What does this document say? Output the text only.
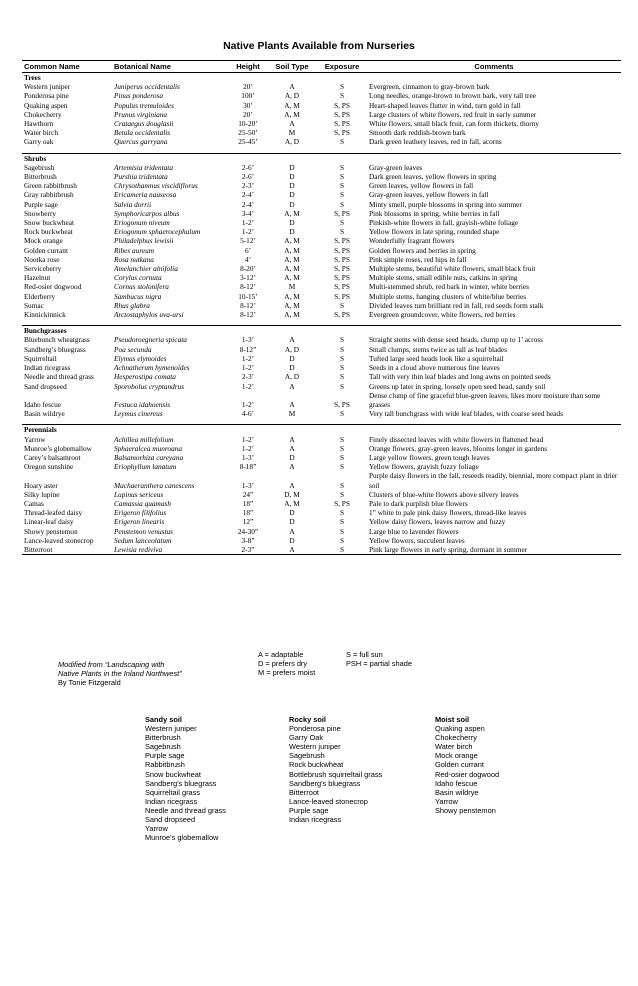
Native Plants Available from Nurseries
Common Name	Botanical Name	Height	Soil Type	Exposure	Comments
Trees					
Western juniper	Juniperus occidentalis	20’	A	S	Evergreen, cinnamon to gray-brown bark
Ponderosa pine	Pinus ponderosa	100’	A, D	S	Long needles, orange-brown to brown bark, very tall tree
Quaking aspen	Populus tremuloides	30’	A, M	S, PS	Heart-shaped leaves flutter in wind, turn gold in fall
Chokecherry	Prunus virginiana	20’	A, M	S, PS	Large clusters of white flowers, red fruit in early summer
Hawthorn	Crataegus douglasii	10-20’	A	S, PS	White flowers, small black fruit, can form thickets, thorny
Water birch	Betula occidentalis	25-50’	M	S, PS	Smooth dark reddish-brown bark
Garry oak	Quercus garryana	25-45’	A, D	S	Dark green leathery leaves, red in fall, acorns

Shrubs					
Sagebrush	Artemisia tridentata	2-6’	D	S	Gray-green leaves
Bitterbrush	Purshia tridentata	2-6’	D	S	Dark green leaves, yellow flowers in spring
Green rabbitbrush	Chrysothamnus viscidiflorus	2-3’	D	S	Green leaves, yellow flowers in fall
Gray rabbitbrush	Ericameria nauseosa	2-4’	D	S	Gray-green leaves, yellow flowers in fall
Purple sage	Salvia dorrii	2-4’	D	S	Minty smell, purple blossoms in spring into summer
Snowberry	Symphoricarpos albus	3-4’	A, M	S, PS	Pink blossoms in spring, white berries in fall
Snow buckwheat	Eriogonum niveum	1-2’	D	S	Pinkish-white flowers in fall, grayish-white foliage
Rock buckwheat	Eriogonum sphaerocephalum	1-2’	D	S	Yellow flowers in late spring, rounded shape
Mock orange	Philadelphus lewisii	5-12’	A, M	S, PS	Wonderfully fragrant flowers
Golden currant	Ribes aureum	6’	A, M	S, PS	Golden flowers and berries in spring
Nootka rose	Rosa nutkana	4’	A, M	S, PS	Pink simple roses, red hips in fall
Serviceberry	Amelanchier alnifolia	8-20’	A, M	S, PS	Multiple stems, beautiful white flowers, small black fruit
Hazelnut	Corylus cornuta	3-12’	A, M	S, PS	Multiple stems, small edible nuts, catkins in spring
Red-osier dogwood	Cornus stolonifera	8-12’	M	S, PS	Multi-stemmed shrub, red bark in winter, white berries
Elderberry	Sambucus nigra	10-15’	A, M	S, PS	Multiple stems, hanging clusters of white/blue berries
Sumac	Rhus glabra	8-12’	A, M	S	Divided leaves turn brilliant red in fall, red seeds form stalk
Kinnickinnick	Arctostaphylos uva-ursi	8-12’	A, M	S, PS	Evergreen groundcover, white flowers, red berries

Bunchgrasses					
Bluebunch wheatgrass	Pseudoroegneria spicata	1-3’	A	S	Straight stems with dense seed heads, clump up to 1’ across
Sandberg’s bluegrass	Poa secunda	8-12”	A, D	S	Small clumps, stems twice as tall as leaf blades
Squirreltail	Elymus elymoides	1-2’	D	S	Tufted large seed heads look like a squirreltail
Indian ricegrass	Achnatherum hymenoides	1-2’	D	S	Seeds in a cloud above numerous fine leaves
Needle and thread grass	Hesperostipa comata	2-3’	A, D	S	Tall with very thin leaf blades and long awns on pointed seeds
Sand dropseed	Sporobolus cryptandrus	1-2’	A	S	Greens up later in spring, loosely open seed head, sandy soil
Idaho fescue	Festuca idahoensis	1-2’	A	S, PS	Dense clump of fine graceful blue-green leaves, likes more moisture than some grasses
Basin wildrye	Leymus cinereus	4-6’	M	S	Very tall bunchgrass with wide leaf blades, with coarse seed heads

Perennials					
Yarrow	Achillea millefolium	1-2’	A	S	Finely dissected leaves with white flowers in flattened head
Munroe’s globemallow	Sphaeralcea munroana	1-2’	A	S	Orange flowers, gray-green leaves, blooms longer in gardens
Carey’s balsamroot	Balsamorhiza careyana	1-3’	D	S	Large yellow flowers, green tough leaves
Oregon sunshine	Eriophyllum lanatum	8-18”	A	S	Yellow flowers, grayish fuzzy foliage
Hoary aster	Machaeranthera canescens	1-3’	A	S	Purple daisy flowers in the fall, reseeds readily, biennial, more compact plant in drier soil
Silky lupine	Lupinus sericeus	24”	D, M	S	Clusters of blue-white flowers above silvery leaves
Camas	Camassia quamash	18”	A, M	S, PS	Pale to dark purplish blue flowers
Thread-leafed daisy	Erigeron filifolius	18”	D	S	1” white to pale pink daisy flowers, thread-like leaves
Linear-leaf daisy	Erigeron linearis	12”	D	S	Yellow daisy flowers, leaves narrow and fuzzy
Showy penstemon	Penstemon venustus	24-30”	A	S	Large blue to lavender flowers
Lance-leaved stonecrop	Sedum lanceolatum	3-8”	D	S	Yellow flowers, succulent leaves
Bitterroot	Lewisia rediviva	2-3”	A	S	Pink large flowers in early spring, dormant in summer
A = adaptable
D = prefers dry
M = prefers moist
S = full sun
PSH = partial shade
Modified from “Landscaping with
Native Plants in the Inland Northwest”
By Tonie Fitzgerald
Sandy soil
Western juniper
Bitterbrush
Sagebrush
Purple sage
Rabbitbrush
Snow buckwheat
Sandberg’s bluegrass
Squirreltail grass
Indian ricegrass
Needle and thread grass
Sand dropseed
Yarrow
Munroe’s globemallow
Rocky soil
Ponderosa pine
Garry Oak
Western juniper
Sagebrush
Rock buckwheat
Bottlebrush squirreltail grass
Sandberg’s bluegrass
Bitterroot
Lance-leaved stonecrop
Purple sage
Indian ricegrass
Moist soil
Quaking aspen
Chokecherry
Water birch
Mock orange
Golden currant
Red-osier dogwood
Idaho fescue
Basin wildrye
Yarrow
Showy penstemon
